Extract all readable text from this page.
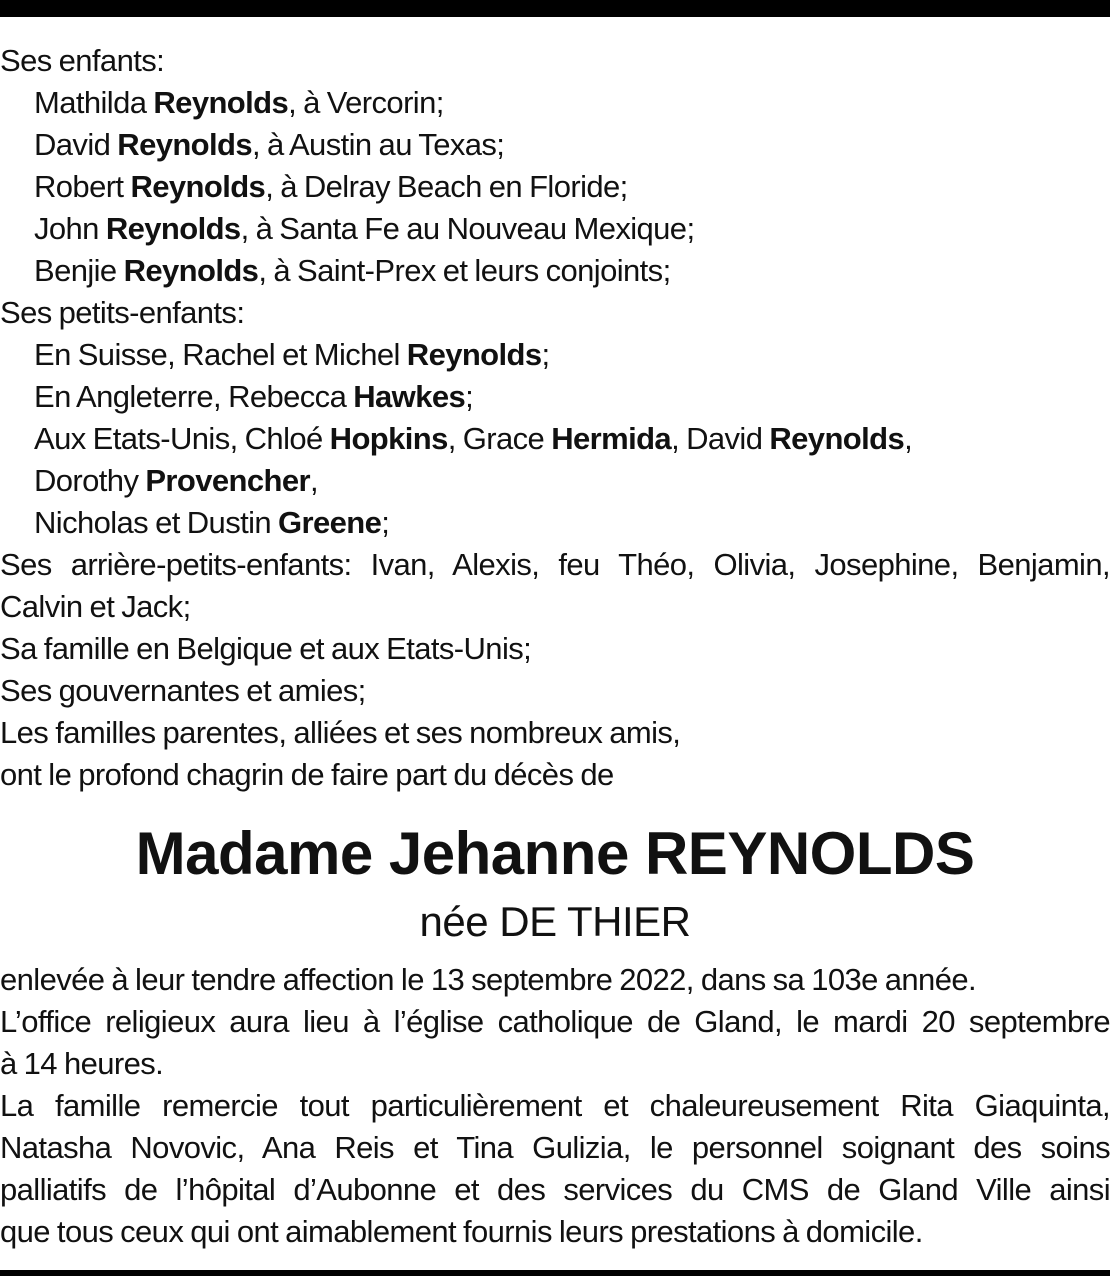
Ses enfants:
Mathilda Reynolds, à Vercorin;
David Reynolds, à Austin au Texas;
Robert Reynolds, à Delray Beach en Floride;
John Reynolds, à Santa Fe au Nouveau Mexique;
Benjie Reynolds, à Saint-Prex et leurs conjoints;
Ses petits-enfants:
En Suisse, Rachel et Michel Reynolds;
En Angleterre, Rebecca Hawkes;
Aux Etats-Unis, Chloé Hopkins, Grace Hermida, David Reynolds,
Dorothy Provencher,
Nicholas et Dustin Greene;
Ses arrière-petits-enfants: Ivan, Alexis, feu Théo, Olivia, Josephine, Benjamin,
Calvin et Jack;
Sa famille en Belgique et aux Etats-Unis;
Ses gouvernantes et amies;
Les familles parentes, alliées et ses nombreux amis,
ont le profond chagrin de faire part du décès de
Madame Jehanne REYNOLDS
née DE THIER
enlevée à leur tendre affection le 13 septembre 2022, dans sa 103e année.
L’office religieux aura lieu à l’église catholique de Gland, le mardi 20 septembre
à 14 heures.
La famille remercie tout particulièrement et chaleureusement Rita Giaquinta,
Natasha Novovic, Ana Reis et Tina Gulizia, le personnel soignant des soins
palliatifs de l’hôpital d’Aubonne et des services du CMS de Gland Ville ainsi
que tous ceux qui ont aimablement fournis leurs prestations à domicile.
